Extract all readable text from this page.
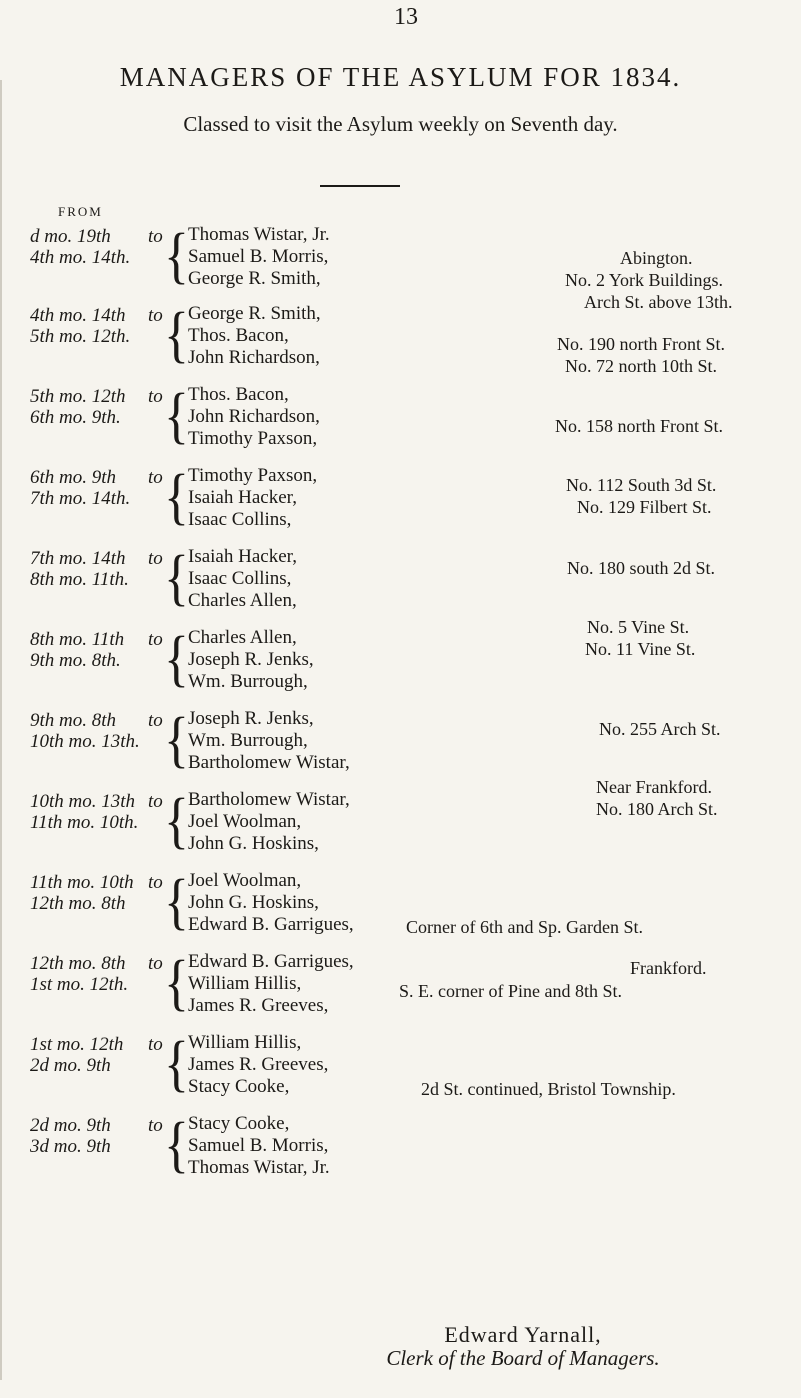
13
MANAGERS OF THE ASYLUM FOR 1834.
Classed to visit the Asylum weekly on Seventh day.
FROM
d mo. 19th
4th mo. 14th.
to { Thomas Wistar, Jr.
Samuel B. Morris,
George R. Smith,
4th mo. 14th
5th mo. 12th.
to { George R. Smith,
Thos. Bacon,
John Richardson,
5th mo. 12th
6th mo. 9th.
to { Thos. Bacon,
John Richardson,
Timothy Paxson,
6th mo. 9th
7th mo. 14th.
to { Timothy Paxson,
Isaiah Hacker,
Isaac Collins,
7th mo. 14th
8th mo. 11th.
to { Isaiah Hacker,
Isaac Collins,
Charles Allen,
8th mo. 11th
9th mo. 8th.
to { Charles Allen,
Joseph R. Jenks,
Wm. Burrough,
9th mo. 8th
10th mo. 13th.
to { Joseph R. Jenks,
Wm. Burrough,
Bartholomew Wistar,
10th mo. 13th
11th mo. 10th.
to { Bartholomew Wistar,
Joel Woolman,
John G. Hoskins,
11th mo. 10th
12th mo. 8th
to { Joel Woolman,
John G. Hoskins,
Edward B. Garrigues,
12th mo. 8th
1st mo. 12th.
to { Edward B. Garrigues,
William Hillis,
James R. Greeves,
1st mo. 12th
2d mo. 9th
to { William Hillis,
James R. Greeves,
Stacy Cooke,
2d mo. 9th
3d mo. 9th
to { Stacy Cooke,
Samuel B. Morris,
Thomas Wistar, Jr.
Abington.
No. 2 York Buildings.
Arch St. above 13th.
No. 190 north Front St.
No. 72 north 10th St.
No. 158 north Front St.
No. 112 South 3d St.
No. 129 Filbert St.
No. 180 south 2d St.
No. 5 Vine St.
No. 11 Vine St.
No. 255 Arch St.
Near Frankford.
No. 180 Arch St.
Corner of 6th and Sp. Garden St.
Frankford.
S. E. corner of Pine and 8th St.
2d St. continued, Bristol Township.
Edward Yarnall,
Clerk of the Board of Managers.
